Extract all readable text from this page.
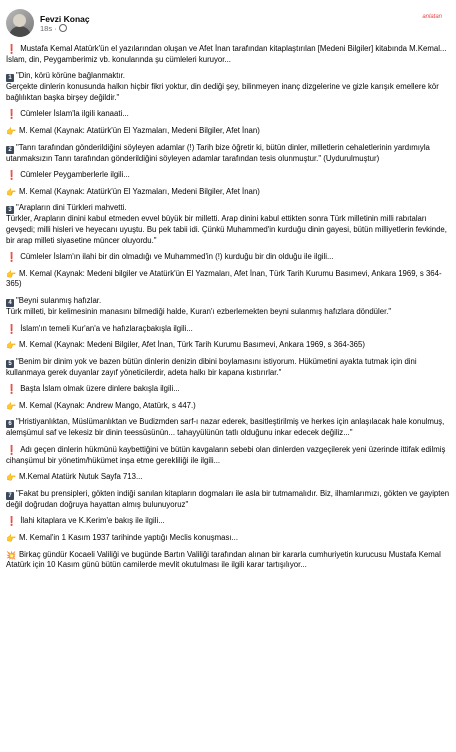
Fevzi Konaç
18s ·
anlatan

❗ Mustafa Kemal Atatürk'ün el yazılarından oluşan ve Afet İnan tarafından kitaplaştırılan [Medeni Bilgiler] kitabında M.Kemal... İslam, din, Peygamberimiz vb. konularında şu cümleleri kuruyor...

1 "Din, körü körüne bağlanmaktır.

Gerçekte dinlerin konusunda halkın hiçbir fikri yoktur, din dediği şey, bilinmeyen inanç dizgelerine ve gizle karışık emellere kör bağlılıktan başka birşey değildir."

❗ Cümleler İslam'la ilgili kanaati...

👉 M. Kemal (Kaynak: Atatürk'ün El Yazmaları, Medeni Bilgiler, Afet İnan)

2 "Tanrı tarafından gönderildiğini söyleyen adamlar (!) Tarih bize öğretir ki, bütün dinler, milletlerin cehaletlerinin yardımıyla utanmaksızın Tanrı tarafından gönderildiğini söyleyen adamlar tarafından tesis olunmuştur." (Uydurulmuştur)

❗ Cümleler Peygamberlerle ilgili...

👉 M. Kemal (Kaynak: Atatürk'ün El Yazmaları, Medeni Bilgiler, Afet İnan)

3 "Arapların dini Türkleri mahvetti.

Türkler, Arapların dinini kabul etmeden evvel büyük bir milletti. Arap dinini kabul ettikten sonra Türk milletinin milli rabıtaları gevşedi; milli hisleri ve heyecanı uyuştu. Bu pek tabii idi. Çünkü Muhammed'in kurduğu dinin gayesi, bütün milliyetlerin fevkinde, bir arap milleti siyasetine müncer oluyordu."

❗ Cümleler İslam'ın ilahi bir din olmadığı ve Muhammed'in (!) kurduğu bir din olduğu ile ilgili...

👉 M. Kemal (Kaynak: Medeni bilgiler ve Atatürk'ün El Yazmaları, Afet İnan, Türk Tarih Kurumu Basımevi, Ankara 1969, s 364-365)

4 "Beyni sulanmış hafızlar.

Türk milleti, bir kelimesinin manasını bilmediği halde, Kuran'ı ezberlemekten beyni sulanmış hafızlara döndüler."

❗ İslam'ın temeli Kur'an'a ve hafızlaraçbakışla ilgili...

👉 M. Kemal (Kaynak: Medeni Bilgiler, Afet İnan, Türk Tarih Kurumu Basımevi, Ankara 1969, s 364-365)

5 "Benim bir dinim yok ve bazen bütün dinlerin denizin dibini boylamasını istiyorum. Hükümetini ayakta tutmak için dini kullanmaya gerek duyanlar zayıf yöneticilerdir, adeta halkı bir kapana kıstırırlar."

❗ Başta İslam olmak üzere dinlere bakışla ilgili...

👉 M. Kemal (Kaynak: Andrew Mango, Atatürk, s 447.)

6 "Hristiyanlıktan, Müslümanlıktan ve Budizmden sarf-ı nazar ederek, basitleştirilmiş ve herkes için anlaşılacak hale konulmuş, alemşümul saf ve lekesiz bir dinin teessüsünün... tahayyülünün tatlı olduğunu inkar edecek değiliz..."

❗ Adı geçen dinlerin hükmünü kaybettiğini ve bütün kavgaların sebebi olan dinlerden vazgeçilerek yeni üzerinde ittifak edilmiş cihanşümul bir yönetim/hükümet inşa etme gerekliliği ile ilgili...

👉 M.Kemal Atatürk Nutuk Sayfa 713...

7 "Fakat bu prensipleri, gökten indiği sanılan kitapların dogmaları ile asla bir tutmamalıdır. Biz, ilhamlarımızı, gökten ve gayipten değil doğrudan doğruya hayattan almış bulunuyoruz"

❗ İlahi kitaplara ve K.Kerim'e bakış ile ilgili...

👉 M. Kemal'in 1 Kasım 1937 tarihinde yaptığı Meclis konuşması...

💥 Birkaç gündür Kocaeli Valiliği ve bugünde Bartın Valiliği tarafından alınan bir kararla cumhuriyetin kurucusu Mustafa Kemal Atatürk için 10 Kasım günü bütün camilerde mevlit okutulması ile ilgili karar tartışılıyor...
